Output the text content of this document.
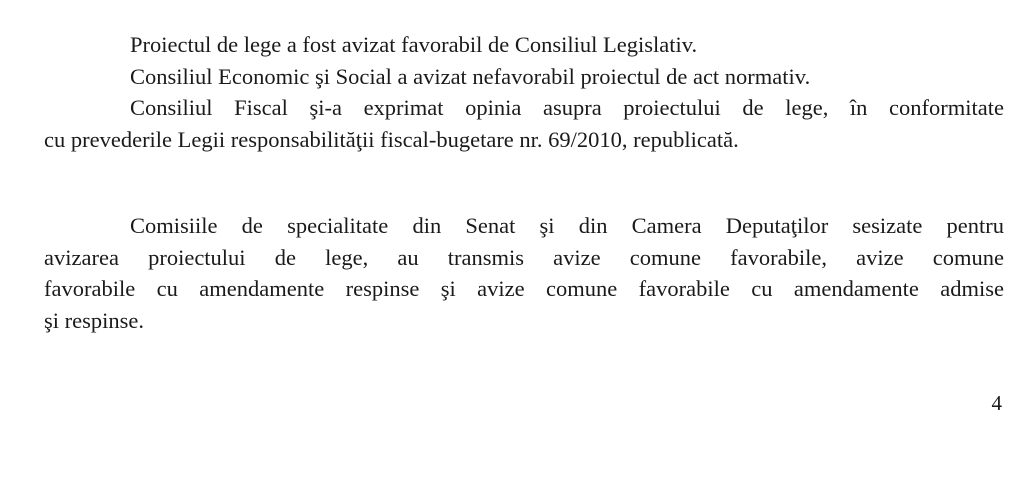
Proiectul de lege a fost avizat favorabil de Consiliul Legislativ.
Consiliul Economic şi Social a avizat nefavorabil proiectul de act normativ.
Consiliul Fiscal şi-a exprimat opinia asupra proiectului de lege, în conformitate
cu prevederile Legii responsabilităţii fiscal-bugetare nr. 69/2010, republicată.
Comisiile de specialitate din Senat şi din Camera Deputaţilor sesizate pentru
avizarea proiectului de lege, au transmis avize comune favorabile, avize comune
favorabile cu amendamente respinse şi avize comune favorabile cu amendamente admise
şi respinse.
4
